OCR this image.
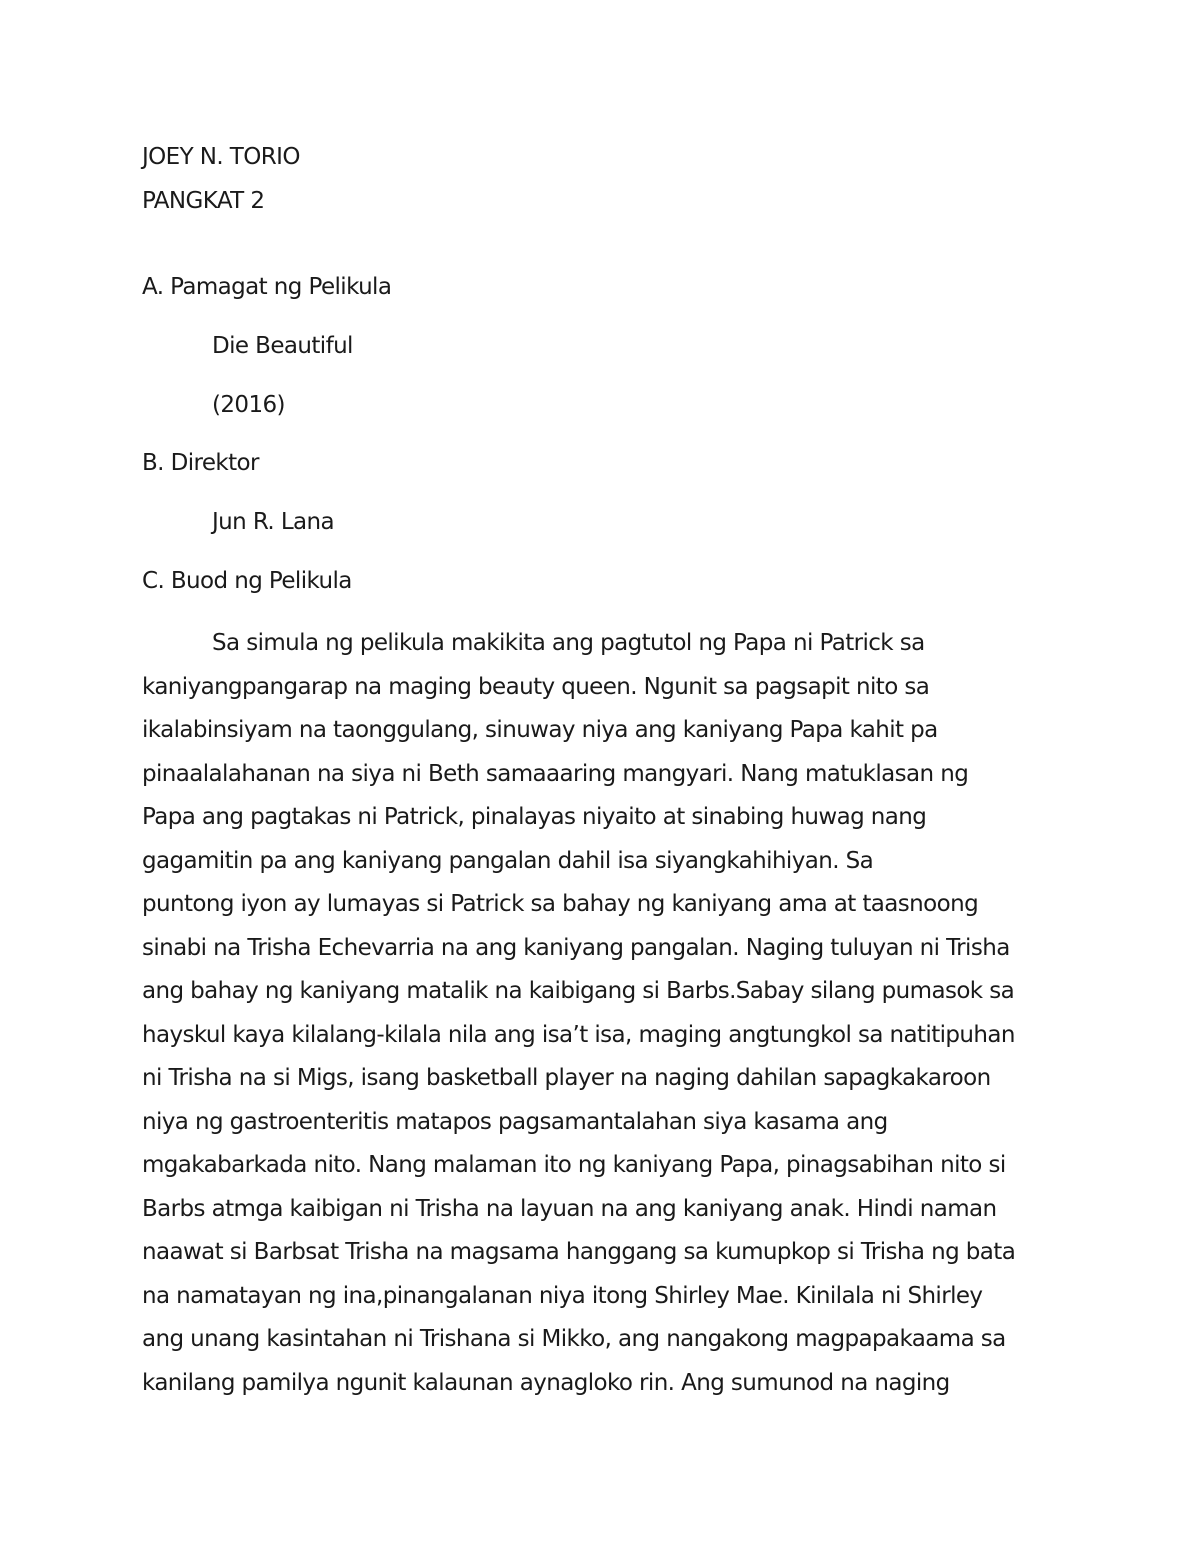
JOEY N. TORIO
PANGKAT 2
A. Pamagat ng Pelikula
Die Beautiful
(2016)
B. Direktor
Jun R. Lana
C. Buod ng Pelikula
Sa simula ng pelikula makikita ang pagtutol ng Papa ni Patrick sa
kaniyangpangarap na maging beauty queen. Ngunit sa pagsapit nito sa
ikalabinsiyam na taonggulang, sinuway niya ang kaniyang Papa kahit pa
pinaalalahanan na siya ni Beth samaaaring mangyari. Nang matuklasan ng
Papa ang pagtakas ni Patrick, pinalayas niyaito at sinabing huwag nang
gagamitin pa ang kaniyang pangalan dahil isa siyangkahihiyan. Sa
puntong iyon ay lumayas si Patrick sa bahay ng kaniyang ama at taasnoong
sinabi na Trisha Echevarria na ang kaniyang pangalan. Naging tuluyan ni Trisha
ang bahay ng kaniyang matalik na kaibigang si Barbs.Sabay silang pumasok sa
hayskul kaya kilalang-kilala nila ang isa’t isa, maging angtungkol sa natitipuhan
ni Trisha na si Migs, isang basketball player na naging dahilan sapagkakaroon
niya ng gastroenteritis matapos pagsamantalahan siya kasama ang
mgakabarkada nito. Nang malaman ito ng kaniyang Papa, pinagsabihan nito si
Barbs atmga kaibigan ni Trisha na layuan na ang kaniyang anak. Hindi naman
naawat si Barbsat Trisha na magsama hanggang sa kumupkop si Trisha ng bata
na namatayan ng ina,pinangalanan niya itong Shirley Mae. Kinilala ni Shirley
ang unang kasintahan ni Trishana si Mikko, ang nangakong magpapakaama sa
kanilang pamilya ngunit kalaunan aynagloko rin. Ang sumunod na naging
